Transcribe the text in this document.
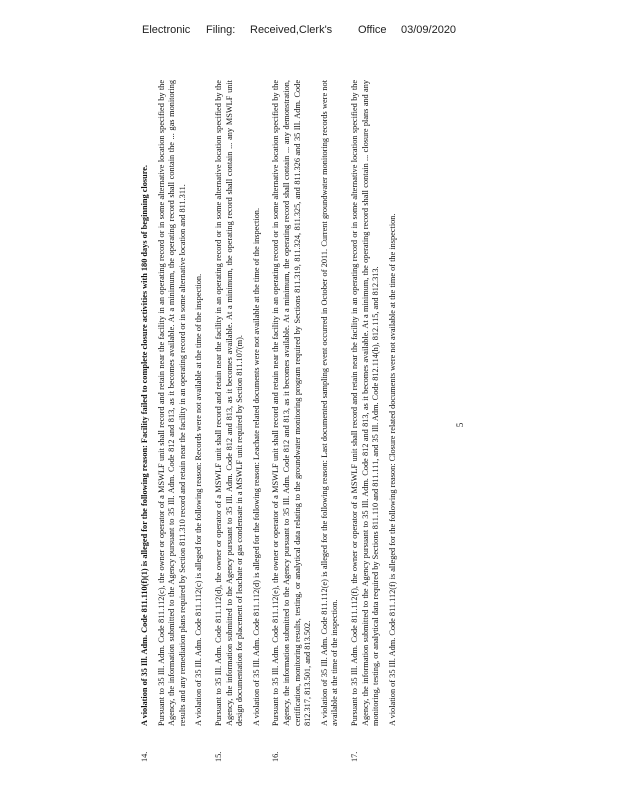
Electronic Filing: Received,Clerk's Office 03/09/2020
14.

A violation of 35 Ill. Adm. Code 811.110(f)(1) is alleged for the following reason: Facility failed to complete closure activities with 180 days of beginning closure. Pursuant to 35 Ill. Adm. Code 811.112(c), the owner or operator of a MSWLF unit shall record and retain near the facility in an operating record or in some alternative location specified by the Agency, the information submitted to the Agency pursuant to 35 Ill. Adm. Code 812 and 813, as it becomes available. At a minimum, the operating record shall contain the ... gas monitoring results and any remediation plans required by Section 811.310 record and retain near the facility in an operating record or in some alternative location and 811.311. A violation of 35 Ill. Adm. Code 811.112(c) is alleged for the following reason: Records were not available at the time of the inspection.

15.

Pursuant to 35 Ill. Adm. Code 811.112(d), the owner or operator of a MSWLF unit shall record and retain near the facility in an operating record or in some alternative location specified by the Agency, the information submitted to the Agency pursuant to 35 Ill. Adm. Code 812 and 813, as it becomes available. At a minimum, the operating record shall contain ... any MSWLF unit design documentation for placement of leachate or gas condensate in a MSWLF unit required by Section 811.107(m). A violation of 35 Ill. Adm. Code 811.112(d) is alleged for the following reason: Leachate related documents were not available at the time of the inspection.

16.

Pursuant to 35 Ill. Adm. Code 811.112(e), the owner or operator of a MSWLF unit shall record and retain near the facility in an operating record or in some alternative location specified by the Agency, the information submitted to the Agency pursuant to 35 Ill. Adm. Code 812 and 813, as it becomes available. At a minimum, the operating record shall contain ... any demonstration, certification, monitoring results, testing, or analytical data relating to the groundwater monitoring program required by Sections 811.319, 811.324, 811.325, and 811.326 and 35 Ill. Adm. Code 812.317, 813.501, and 813.502. A violation of 35 Ill. Adm. Code 811.112(e) is alleged for the following reason: Last documented sampling event occurred in October of 2011. Current groundwater monitoring records were not available at the time of the inspection.

17.

Pursuant to 35 Ill. Adm. Code 811.112(f), the owner or operator of a MSWLF unit shall record and retain near the facility in an operating record or in some alternative location specified by the Agency, the information submitted to the Agency pursuant to 35 Ill. Adm. Code 812 and 813, as it becomes available. At a minimum, the operating record shall contain ... closure plans and any monitoring, testing, or analytical data required by Sections 811.110 and 811.111, and 35 Ill. Adm. Code 812.114(h), 812.115, and 812.313. A violation of 35 Ill. Adm. Code 811.112(f) is alleged for the following reason: Closure related documents were not available at the time of the inspection.	5
